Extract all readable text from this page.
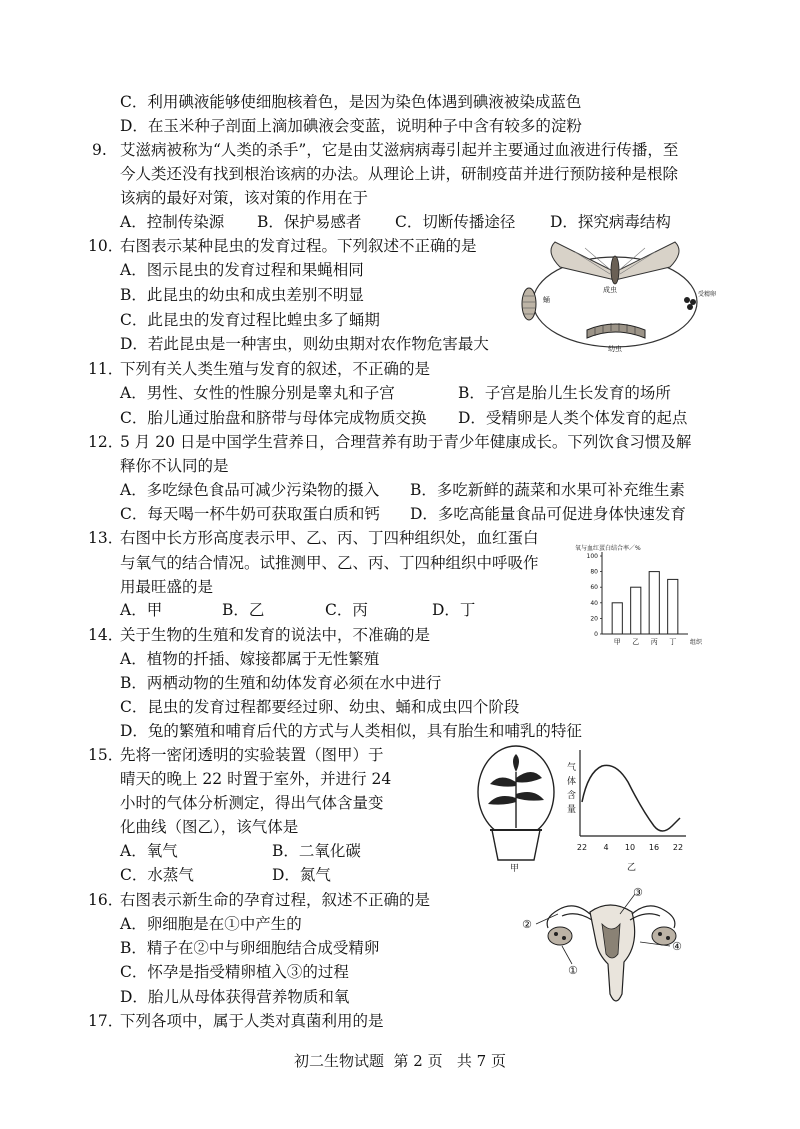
C．利用碘液能够使细胞核着色，是因为染色体遇到碘液被染成蓝色
D．在玉米种子剖面上滴加碘液会变蓝，说明种子中含有较多的淀粉
9. 艾滋病被称为“人类的杀手”，它是由艾滋病病毒引起并主要通过血液进行传播，至
今人类还没有找到根治该病的办法。从理论上讲，研制疫苗并进行预防接种是根除
该病的最好对策，该对策的作用在于
A．控制传染源 B．保护易感者 C．切断传播途径 D．探究病毒结构
10．
右图表示某种昆虫的发育过程。下列叙述不正确的是
A．图示昆虫的发育过程和果蝇相同
B．此昆虫的幼虫和成虫差别不明显
C．此昆虫的发育过程比蝗虫多了蛹期
D．若此昆虫是一种害虫，则幼虫期对农作物危害最大
成虫
蛹
受精卵
幼虫
11．
下列有关人类生殖与发育的叙述，不正确的是
A．男性、女性的性腺分别是睾丸和子宫	B．子宫是胎儿生长发育的场所
C．胎儿通过胎盘和脐带与母体完成物质交换 D．受精卵是人类个体发育的起点
12．
5 月 20 日是中国学生营养日，合理营养有助于青少年健康成长。下列饮食习惯及解
释你不认同的是
A．多吃绿色食品可减少污染物的摄入 B．多吃新鲜的蔬菜和水果可补充维生素
C．每天喝一杯牛奶可获取蛋白质和钙 D．多吃高能量食品可促进身体快速发育
13．
右图中长方形高度表示甲、乙、丙、丁四种组织处，血红蛋白
与氧气的结合情况。试推测甲、乙、丙、丁四种组织中呼吸作
用最旺盛的是
A．甲	B．乙	C．丙	D．丁
氧与血红蛋白结合率／%
0
20
40
60
80
100
甲 乙 丙 丁 组织
14．
关于生物的生殖和发育的说法中，不准确的是
A．植物的扦插、嫁接都属于无性繁殖
B．两栖动物的生殖和幼体发育必须在水中进行
C．昆虫的发育过程都要经过卵、幼虫、蛹和成虫四个阶段
D．兔的繁殖和哺育后代的方式与人类相似，具有胎生和哺乳的特征
15．
先将一密闭透明的实验装置（图甲）于
晴天的晚上 22 时置于室外，并进行 24
小时的气体分析测定，得出气体含量变
化曲线（图乙），该气体是
A．氧气	B．二氧化碳
C．水蒸气	D．氮气	甲
气 体 含 量
22 4 10 16 22
乙
16．
右图表示新生命的孕育过程，叙述不正确的是
A．卵细胞是在①中产生的
B．精子在②中与卵细胞结合成受精卵
C．怀孕是指受精卵植入③的过程
D．胎儿从母体获得营养物质和氧
③
②
④
①
17．
下列各项中，属于人类对真菌利用的是
初二生物试题  第 2 页   共 7 页
